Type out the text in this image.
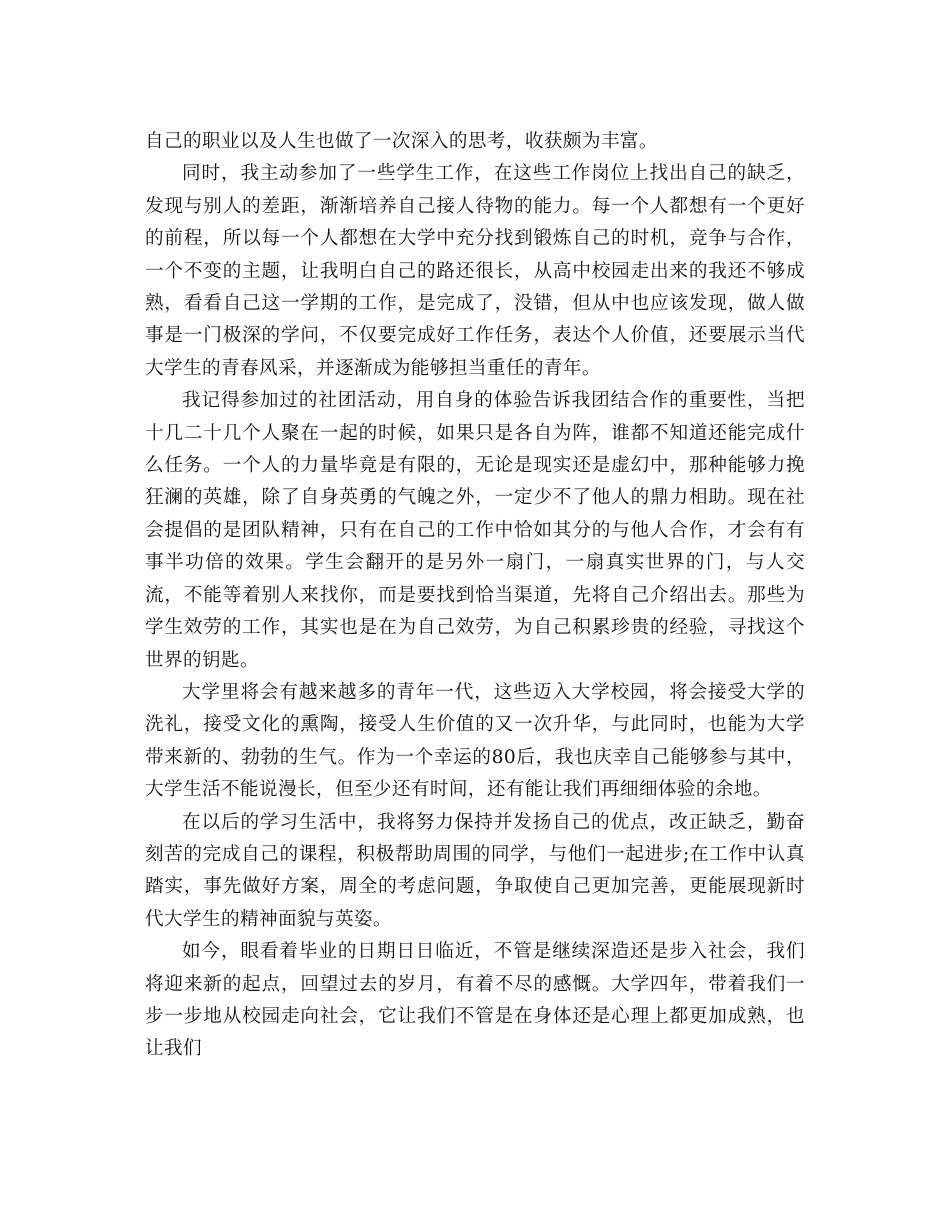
自己的职业以及人生也做了一次深入的思考，收获颇为丰富。

同时，我主动参加了一些学生工作，在这些工作岗位上找出自己的缺乏，发现与别人的差距，渐渐培养自己接人待物的能力。每一个人都想有一个更好的前程，所以每一个人都想在大学中充分找到锻炼自己的时机，竞争与合作，一个不变的主题，让我明白自己的路还很长，从高中校园走出来的我还不够成熟，看看自己这一学期的工作，是完成了，没错，但从中也应该发现，做人做事是一门极深的学问，不仅要完成好工作任务，表达个人价值，还要展示当代大学生的青春风采，并逐渐成为能够担当重任的青年。

我记得参加过的社团活动，用自身的体验告诉我团结合作的重要性，当把十几二十几个人聚在一起的时候，如果只是各自为阵，谁都不知道还能完成什么任务。一个人的力量毕竟是有限的，无论是现实还是虚幻中，那种能够力挽狂澜的英雄，除了自身英勇的气魄之外，一定少不了他人的鼎力相助。现在社会提倡的是团队精神，只有在自己的工作中恰如其分的与他人合作，才会有有事半功倍的效果。学生会翻开的是另外一扇门，一扇真实世界的门，与人交流，不能等着别人来找你，而是要找到恰当渠道，先将自己介绍出去。那些为学生效劳的工作，其实也是在为自己效劳，为自己积累珍贵的经验，寻找这个世界的钥匙。

大学里将会有越来越多的青年一代，这些迈入大学校园，将会接受大学的洗礼，接受文化的熏陶，接受人生价值的又一次升华，与此同时，也能为大学带来新的、勃勃的生气。作为一个幸运的80后，我也庆幸自己能够参与其中，大学生活不能说漫长，但至少还有时间，还有能让我们再细细体验的余地。

在以后的学习生活中，我将努力保持并发扬自己的优点，改正缺乏，勤奋刻苦的完成自己的课程，积极帮助周围的同学，与他们一起进步;在工作中认真踏实，事先做好方案，周全的考虑问题，争取使自己更加完善，更能展现新时代大学生的精神面貌与英姿。

如今，眼看着毕业的日期日日临近，不管是继续深造还是步入社会，我们将迎来新的起点，回望过去的岁月，有着不尽的感慨。大学四年，带着我们一步一步地从校园走向社会，它让我们不管是在身体还是心理上都更加成熟，也让我们
